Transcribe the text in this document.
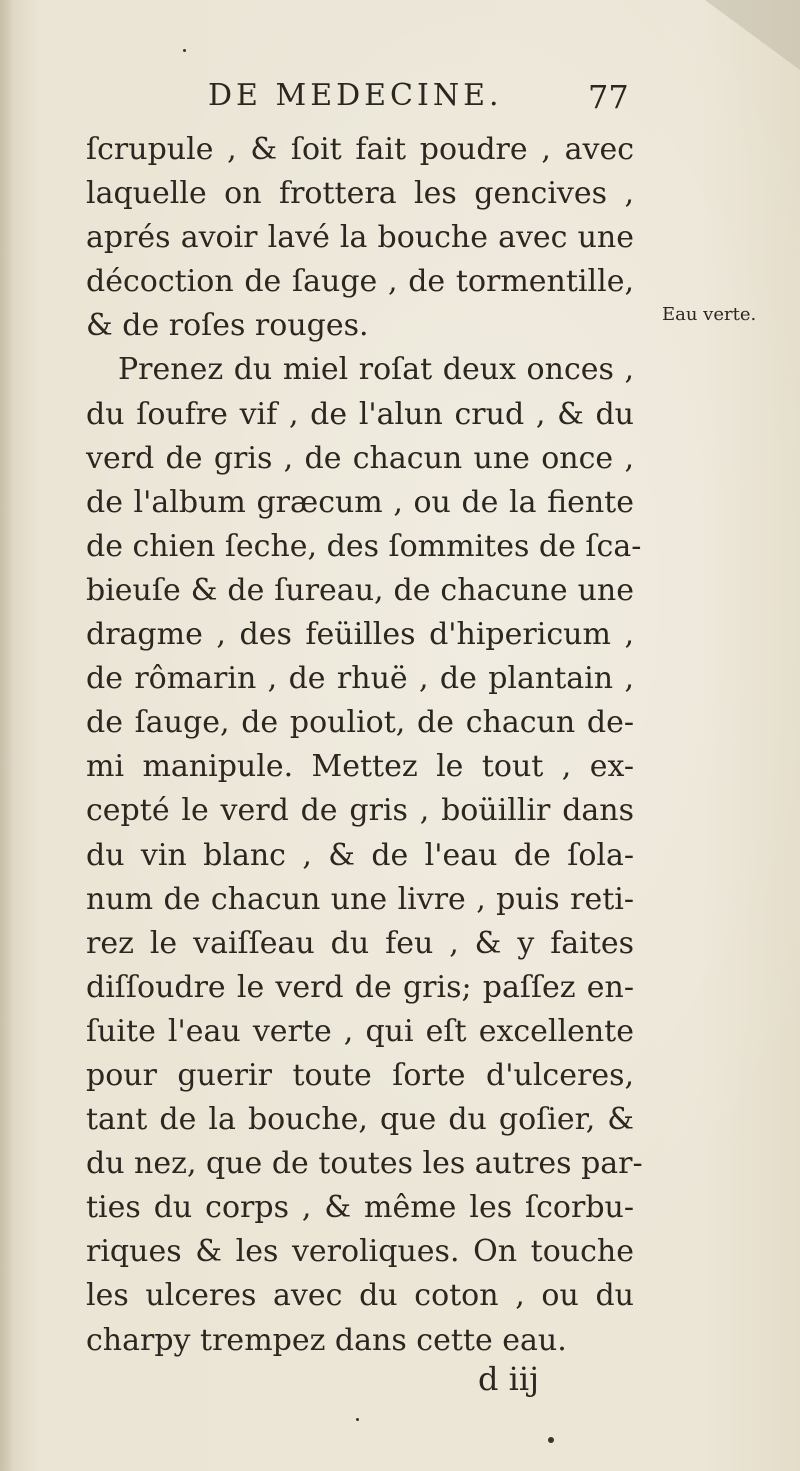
DE MEDECINE.	77
ſcrupule , & ſoit fait poudre , avec
laquelle on frottera les gencives ,
aprés avoir lavé la bouche avec une
décoction de ſauge , de tormentille,
& de roſes rouges.
Prenez du miel roſat deux onces ,
du ſoufre vif , de l'alun crud , & du
verd de gris , de chacun une once ,
de l'album græcum , ou de la fiente
de chien ſeche, des ſommites de ſca-
bieuſe & de ſureau, de chacune une
dragme , des feüilles d'hipericum ,
de rômarin , de rhuë , de plantain ,
de ſauge, de pouliot, de chacun de-
mi manipule. Mettez le tout , ex-
cepté le verd de gris , boüillir dans
du vin blanc , & de l'eau de ſola-
num de chacun une livre , puis reti-
rez le vaiſſeau du feu , & y faites
diſſoudre le verd de gris; paſſez en-
ſuite l'eau verte , qui eſt excellente
pour guerir toute ſorte d'ulceres,
tant de la bouche, que du goſier, &
du nez, que de toutes les autres par-
ties du corps , & même les ſcorbu-
riques & les veroliques. On touche
les ulceres avec du coton , ou du
charpy trempez dans cette eau.
Eau verte.
d iij
